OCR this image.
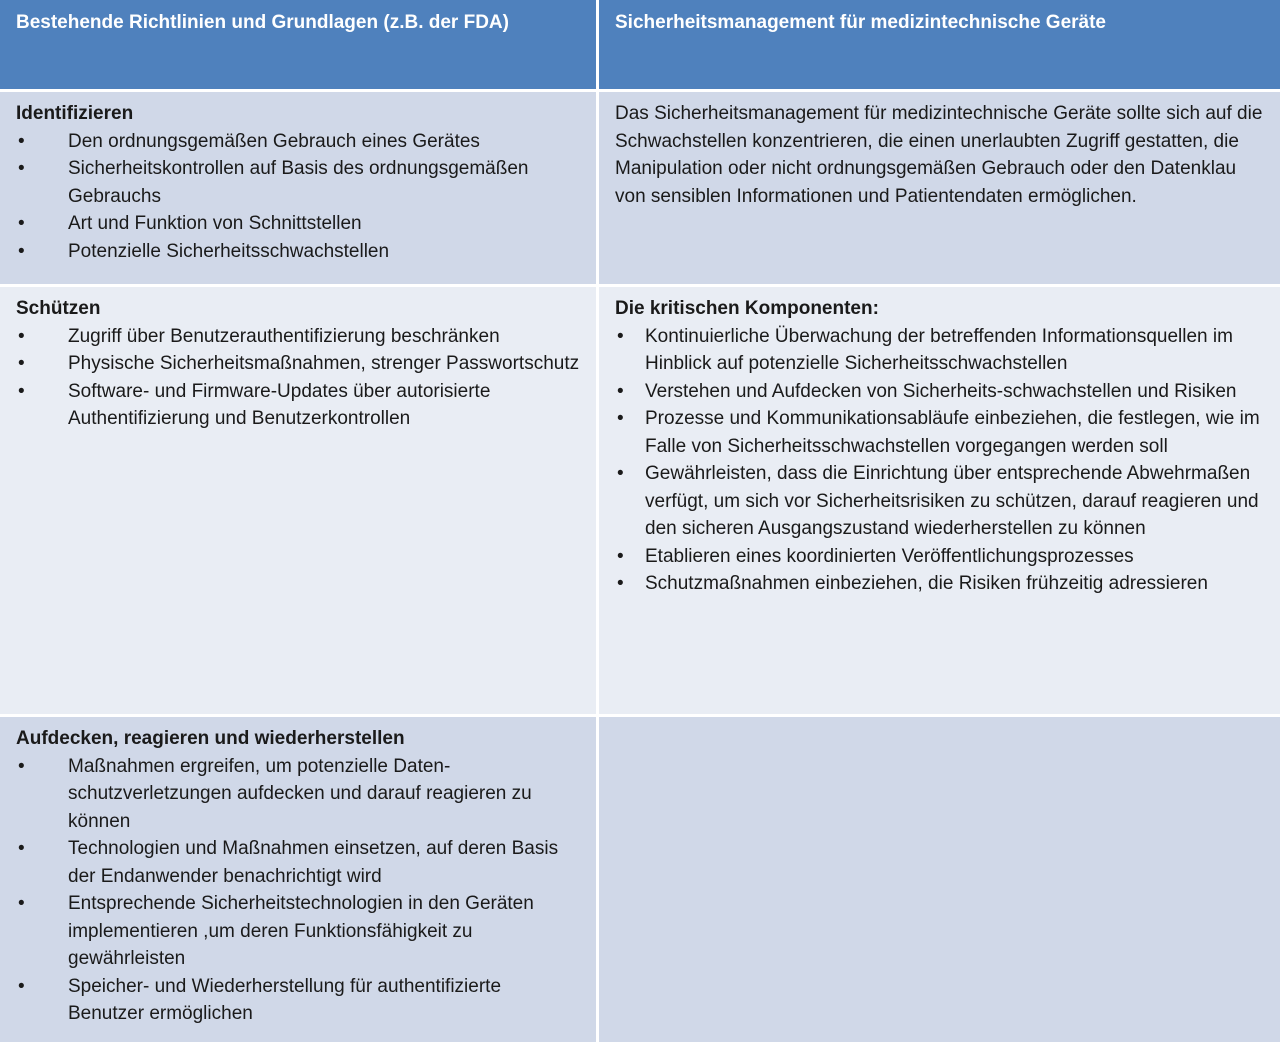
Bestehende Richtlinien und Grundlagen (z.B. der FDA)	Sicherheitsmanagement für medizintechnische Geräte
Identifizieren
• Den ordnungsgemäßen Gebrauch eines Gerätes
• Sicherheitskontrollen auf Basis des ordnungsgemäßen Gebrauchs
• Art und Funktion von Schnittstellen
• Potenzielle Sicherheitsschwachstellen

Das Sicherheitsmanagement für medizintechnische Geräte sollte sich auf die Schwachstellen konzentrieren, die einen unerlaubten Zugriff gestatten, die Manipulation oder nicht ordnungsgemäßen Gebrauch oder den Datenklau von sensiblen Informationen und Patientendaten ermöglichen.

Schützen
• Zugriff über Benutzerauthentifizierung beschränken
• Physische Sicherheitsmaßnahmen, strenger Passwortschutz
• Software- und Firmware-Updates über autorisierte Authentifizierung und Benutzerkontrollen
Die kritischen Komponenten:
• Kontinuierliche Überwachung der betreffenden Informationsquellen im Hinblick auf potenzielle Sicherheitsschwachstellen
• Verstehen und Aufdecken von Sicherheits-schwachstellen und Risiken
• Prozesse und Kommunikationsabläufe einbeziehen, die festlegen, wie im Falle von Sicherheitsschwachstellen vorgegangen werden soll
• Gewährleisten, dass die Einrichtung über entsprechende Abwehrmaßen verfügt, um sich vor Sicherheitsrisiken zu schützen, darauf reagieren und den sicheren Ausgangszustand wiederherstellen zu können
• Etablieren eines koordinierten Veröffentlichungsprozesses
• Schutzmaßnahmen einbeziehen, die Risiken frühzeitig adressieren
Aufdecken, reagieren und wiederherstellen
• Maßnahmen ergreifen, um potenzielle Daten-schutzverletzungen aufdecken und darauf reagieren zu können
• Technologien und Maßnahmen einsetzen, auf deren Basis der Endanwender benachrichtigt wird
• Entsprechende Sicherheitstechnologien in den Geräten implementieren ,um deren Funktionsfähigkeit zu gewährleisten
• Speicher- und Wiederherstellung für authentifizierte Benutzer ermöglichen
